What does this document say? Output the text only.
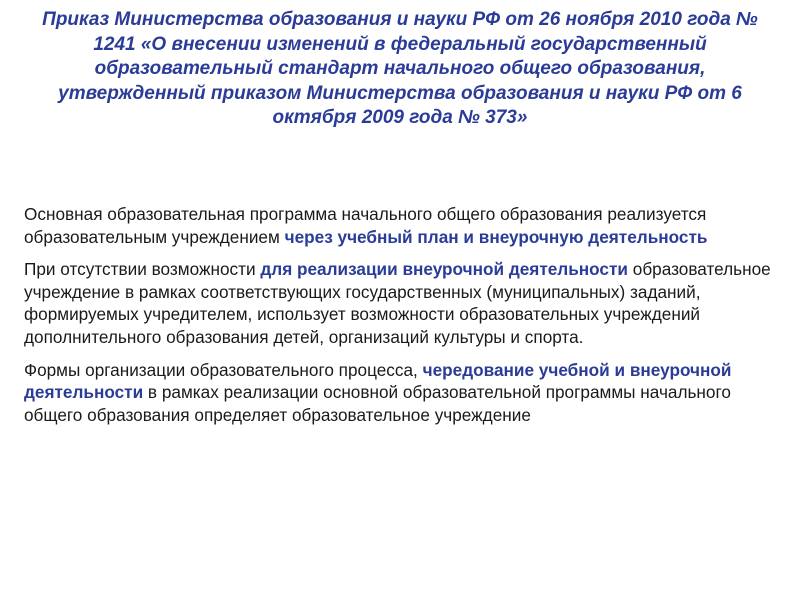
Приказ Министерства образования и науки РФ от 26 ноября 2010 года № 1241 «О внесении изменений в федеральный государственный образовательный стандарт начального общего образования, утвержденный приказом Министерства образования и науки РФ от 6 октября 2009 года № 373»

Основная образовательная программа начального общего образования реализуется образовательным учреждением через учебный план и внеурочную деятельность

При отсутствии возможности для реализации внеурочной деятельности образовательное учреждение в рамках соответствующих государственных (муниципальных) заданий, формируемых учредителем, использует возможности образовательных учреждений дополнительного образования детей, организаций культуры и спорта.

Формы организации образовательного процесса, чередование учебной и внеурочной деятельности в рамках реализации основной образовательной программы начального общего образования определяет образовательное учреждение
